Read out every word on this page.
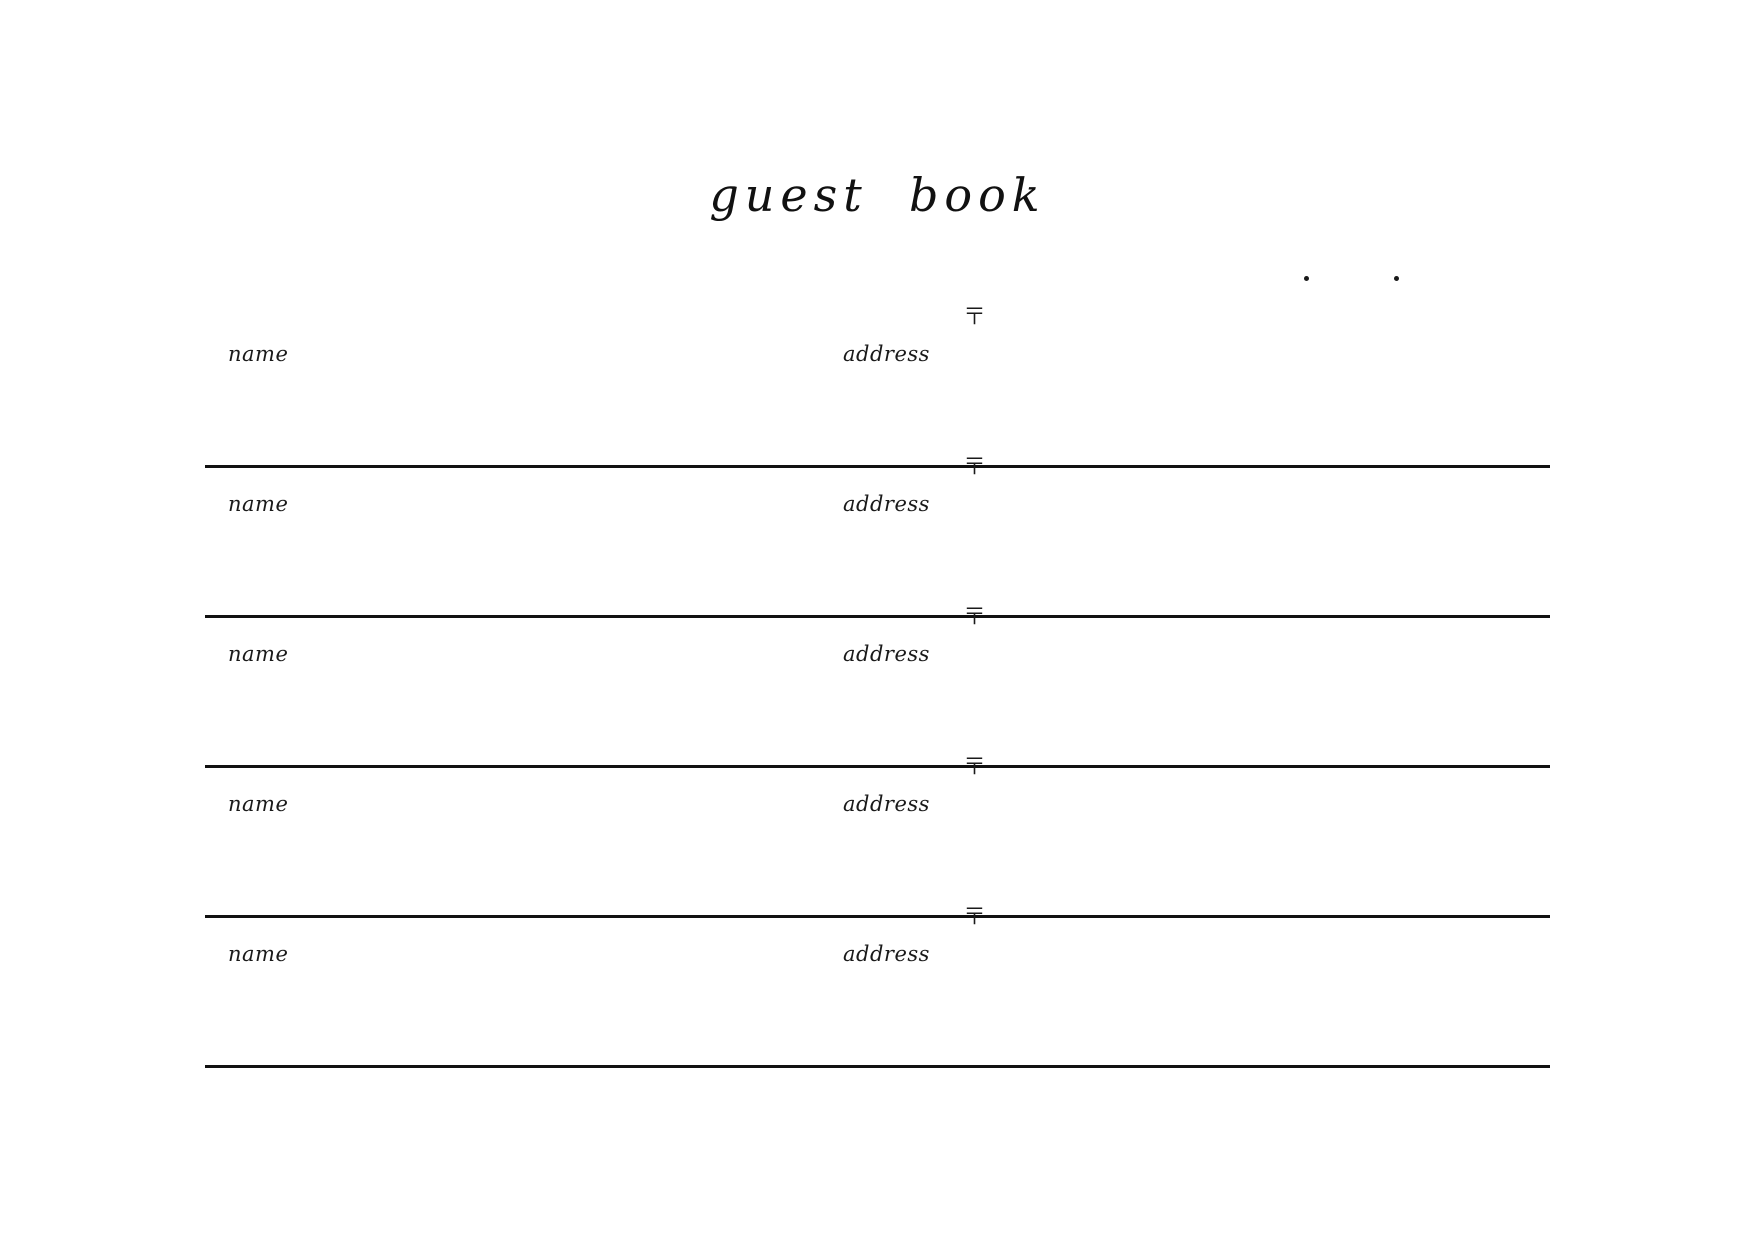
guest  book
name
〒
address
name
〒
address
name
〒
address
name
〒
address
name
〒
address
